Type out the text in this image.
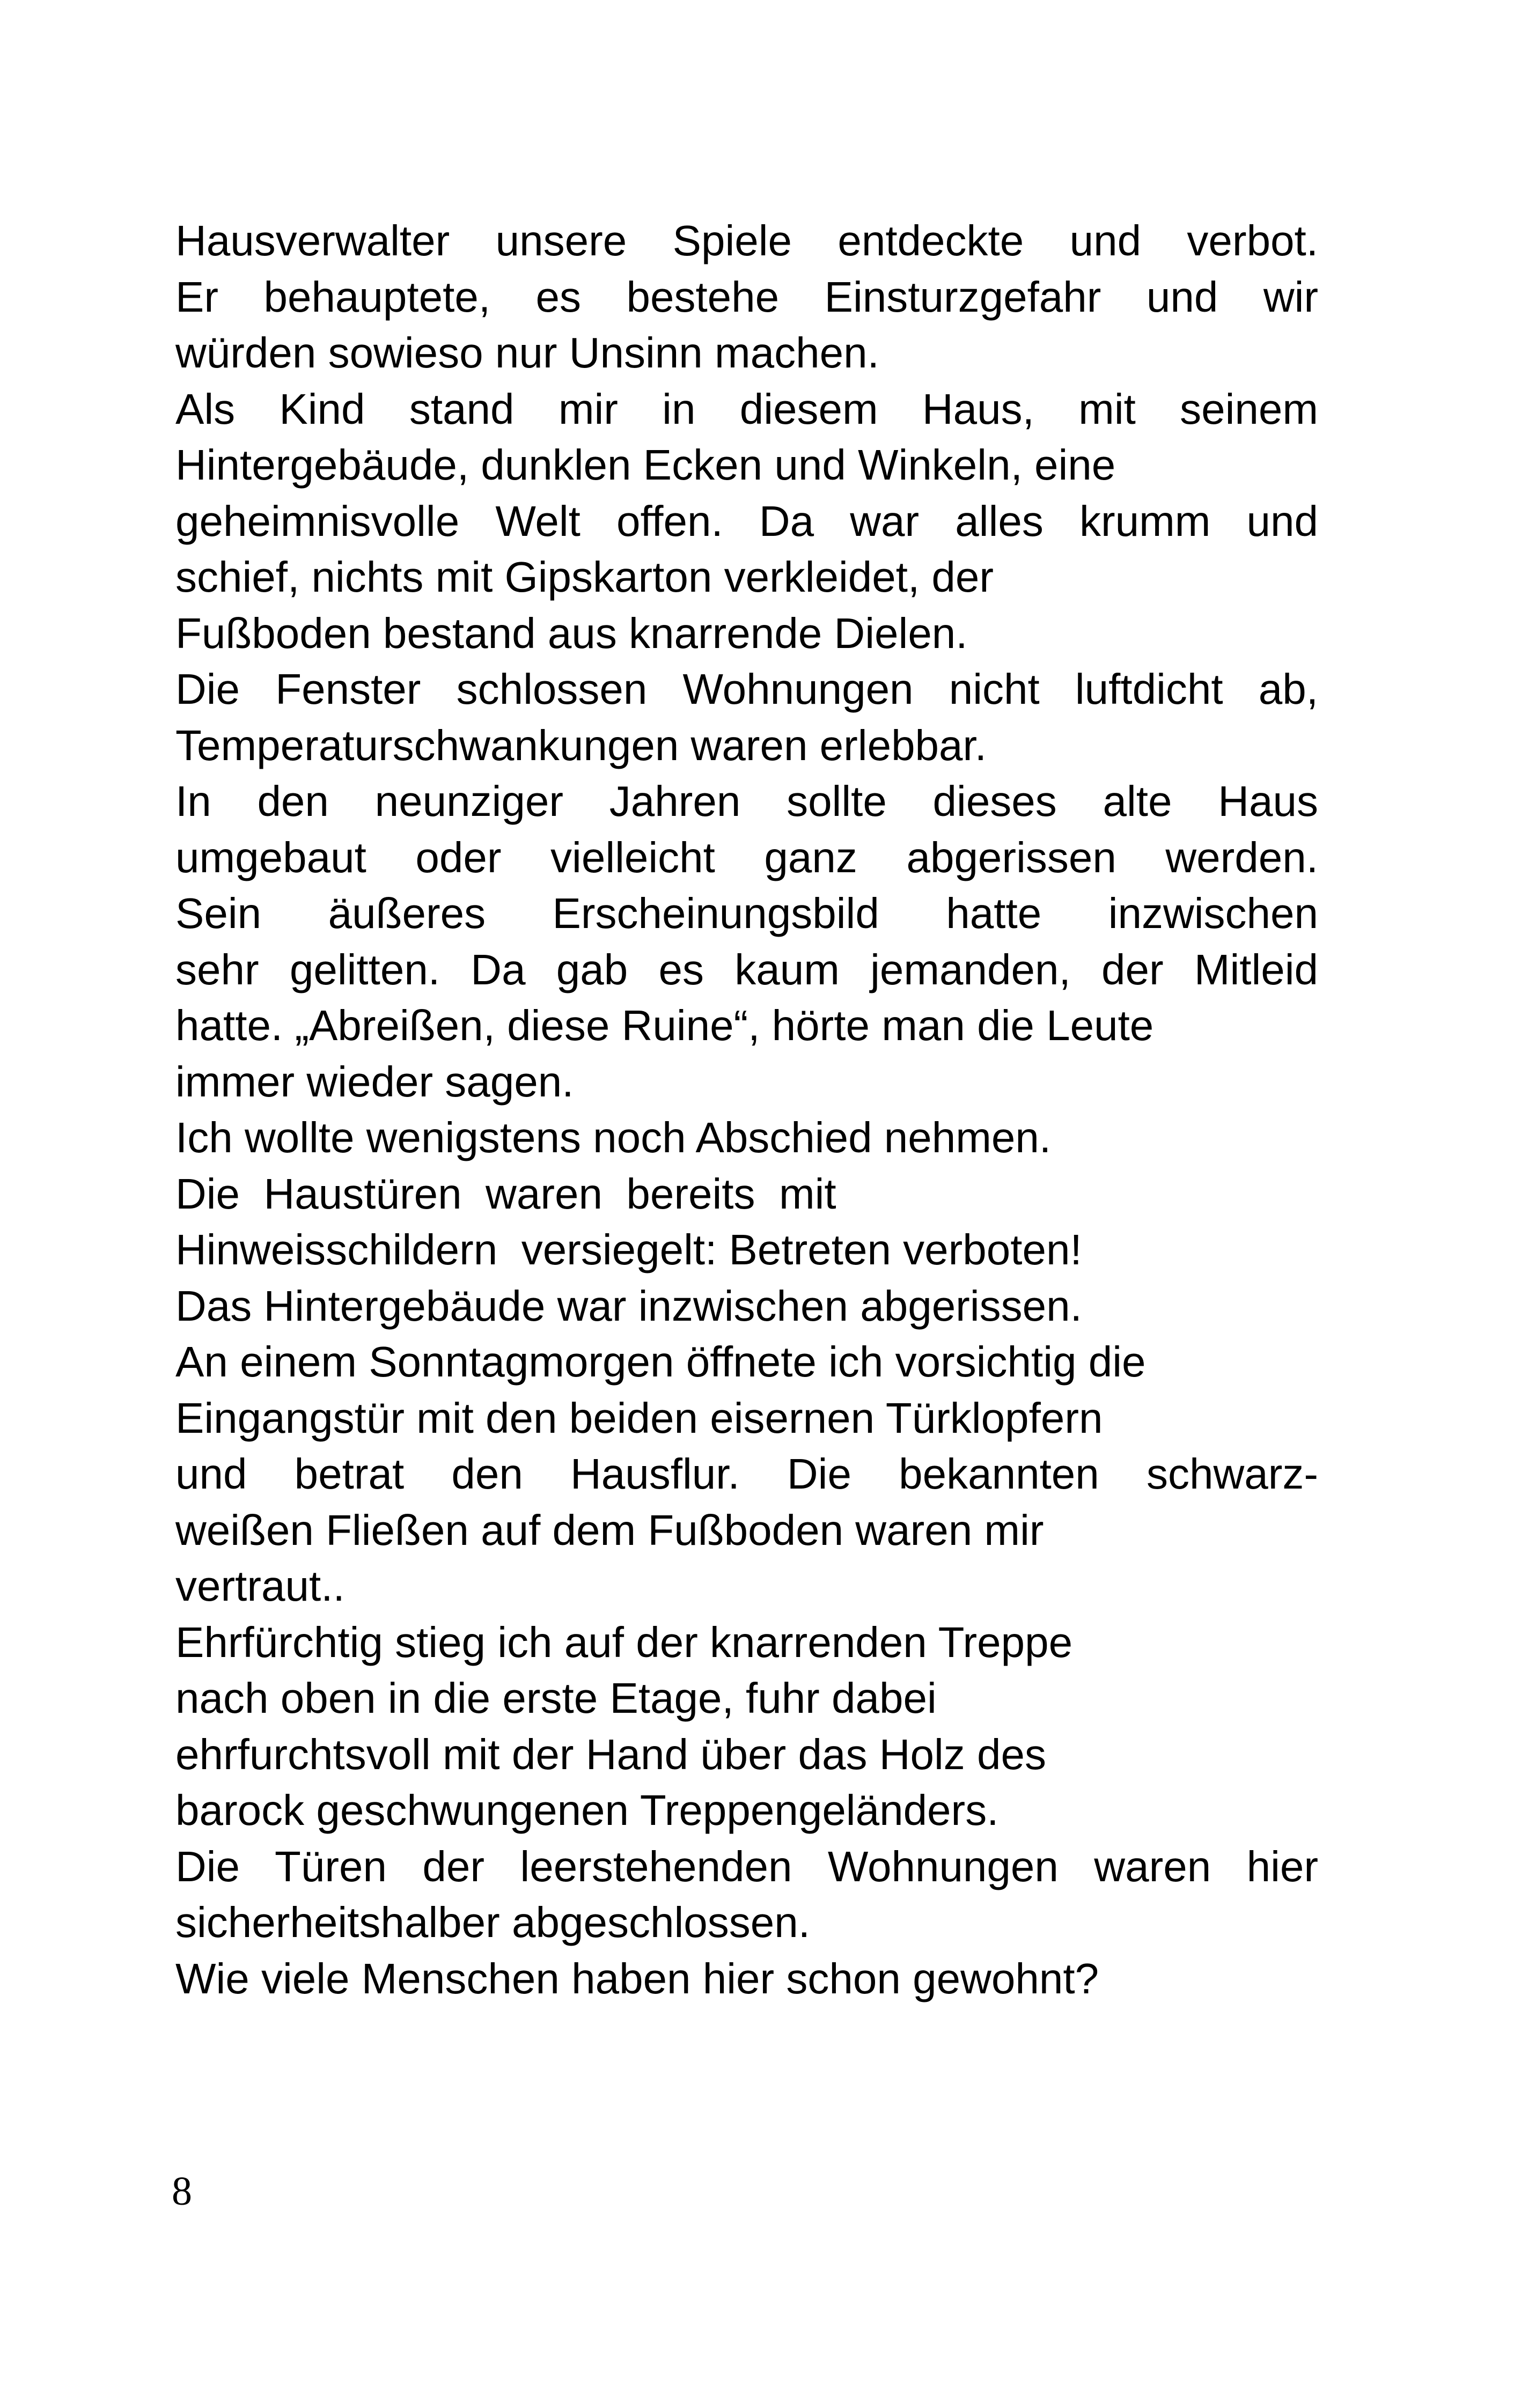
Hausverwalter unsere Spiele entdeckte und verbot.
Er behauptete, es bestehe Einsturzgefahr und wir
würden sowieso nur Unsinn machen.
Als Kind stand mir in diesem Haus, mit seinem
Hintergebäude, dunklen Ecken und Winkeln, eine
geheimnisvolle Welt offen. Da war alles krumm und
schief, nichts mit Gipskarton verkleidet, der
Fußboden bestand aus knarrende Dielen.
Die Fenster schlossen Wohnungen nicht luftdicht ab,
Temperaturschwankungen waren erlebbar.
In den neunziger Jahren sollte dieses alte Haus
umgebaut oder vielleicht ganz abgerissen werden.
Sein äußeres Erscheinungsbild hatte inzwischen
sehr gelitten. Da gab es kaum jemanden, der Mitleid
hatte. „Abreißen, diese Ruine“, hörte man die Leute
immer wieder sagen.
Ich wollte wenigstens noch Abschied nehmen.
Die  Haustüren  waren  bereits  mit
Hinweisschildern  versiegelt: Betreten verboten!
Das Hintergebäude war inzwischen abgerissen.
An einem Sonntagmorgen öffnete ich vorsichtig die
Eingangstür mit den beiden eisernen Türklopfern
und betrat den Hausflur. Die bekannten schwarz-
weißen Fließen auf dem Fußboden waren mir
vertraut..
Ehrfürchtig stieg ich auf der knarrenden Treppe
nach oben in die erste Etage, fuhr dabei
ehrfurchtsvoll mit der Hand über das Holz des
barock geschwungenen Treppengeländers.
Die Türen der leerstehenden Wohnungen waren hier
sicherheitshalber abgeschlossen.
Wie viele Menschen haben hier schon gewohnt?
8
